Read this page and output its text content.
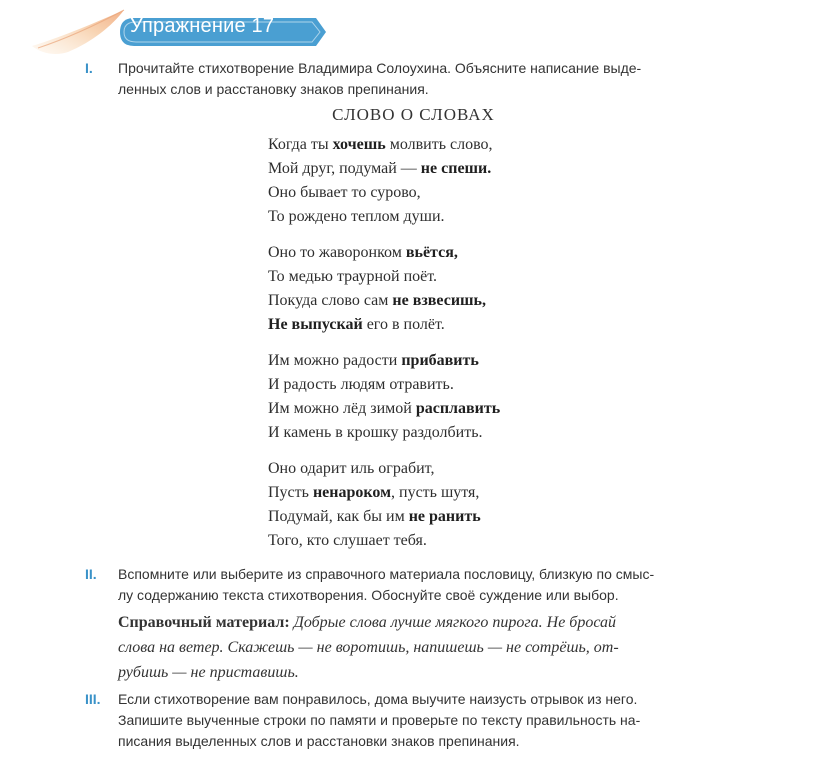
Упражнение 17
I. Прочитайте стихотворение Владимира Солоухина. Объясните написание выде-
ленных слов и расстановку знаков препинания.
СЛОВО О СЛОВАХ
Когда ты хочешь молвить слово,
Мой друг, подумай — не спеши.
Оно бывает то сурово,
То рождено теплом души.
Оно то жаворонком вьётся,
То медью траурной поёт.
Покуда слово сам не взвесишь,
Не выпускай его в полёт.
Им можно радости прибавить
И радость людям отравить.
Им можно лёд зимой расплавить
И камень в крошку раздолбить.
Оно одарит иль ограбит,
Пусть ненароком, пусть шутя,
Подумай, как бы им не ранить
Того, кто слушает тебя.
II. Вспомните или выберите из справочного материала пословицу, близкую по смыс-
лу содержанию текста стихотворения. Обоснуйте своё суждение или выбор.
Справочный материал: Добрые слова лучше мягкого пирога. Не бросай
слова на ветер. Скажешь — не воротишь, напишешь — не сотрёшь, от-
рубишь — не приставишь.
III. Если стихотворение вам понравилось, дома выучите наизусть отрывок из него.
Запишите выученные строки по памяти и проверьте по тексту правильность на-
писания выделенных слов и расстановки знаков препинания.
